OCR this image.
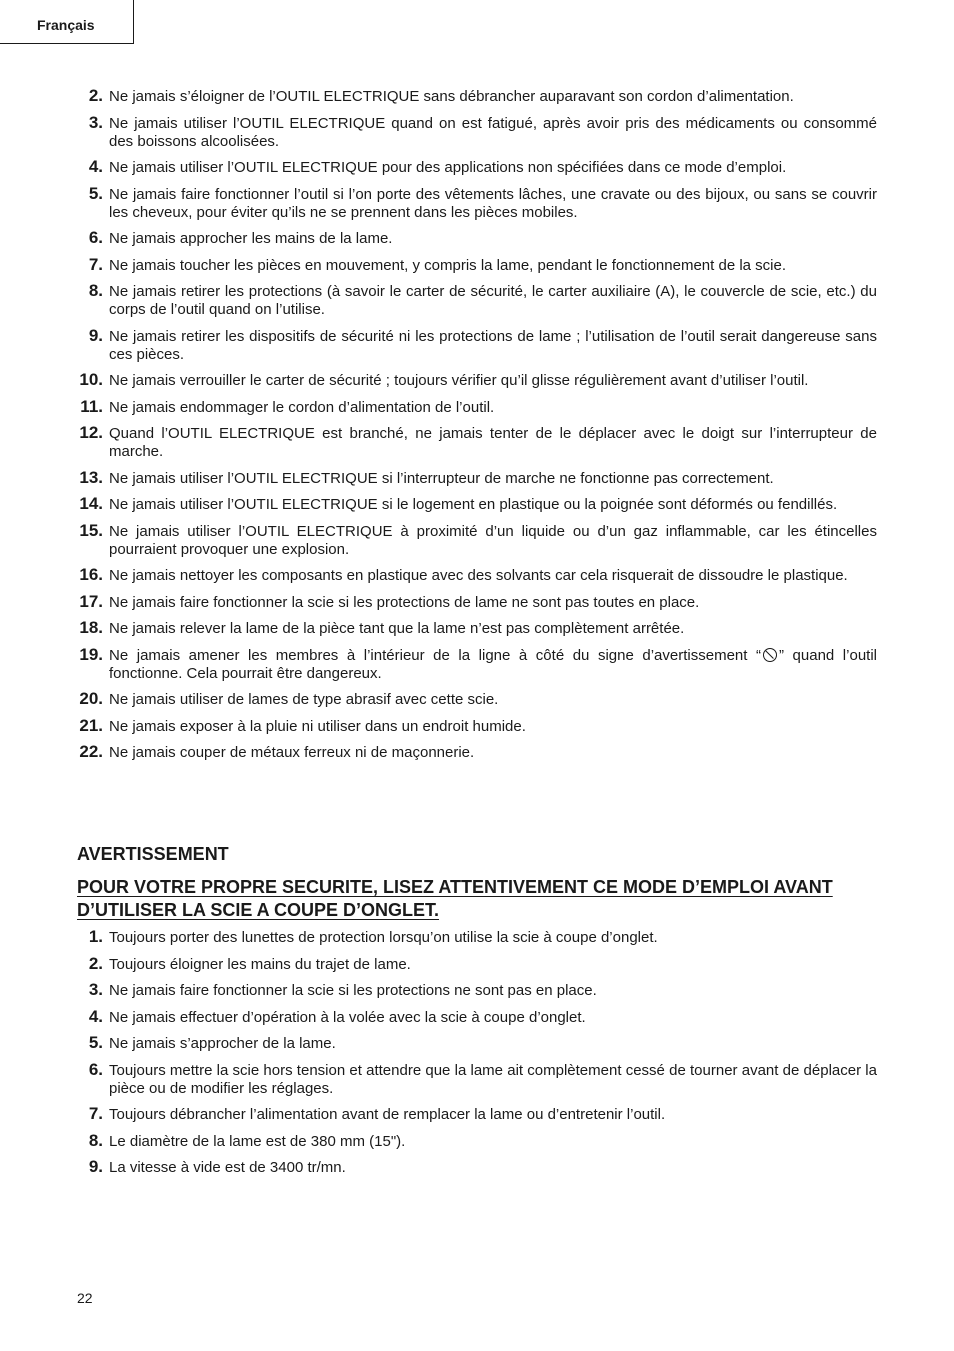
Français
2. Ne jamais s’éloigner de l’OUTIL ELECTRIQUE sans débrancher auparavant son cordon d’alimentation.
3. Ne jamais utiliser l’OUTIL ELECTRIQUE quand on est fatigué, après avoir pris des médicaments ou consommé des boissons alcoolisées.
4. Ne jamais utiliser l’OUTIL ELECTRIQUE pour des applications non spécifiées dans ce mode d’emploi.
5. Ne jamais faire fonctionner l’outil si l’on porte des vêtements lâches, une cravate ou des bijoux, ou sans se couvrir les cheveux, pour éviter qu’ils ne se prennent dans les pièces mobiles.
6. Ne jamais approcher les mains de la lame.
7. Ne jamais toucher les pièces en mouvement, y compris la lame, pendant le fonctionnement de la scie.
8. Ne jamais retirer les protections (à savoir le carter de sécurité, le carter auxiliaire (A), le couvercle de scie, etc.) du corps de l’outil quand on l’utilise.
9. Ne jamais retirer les dispositifs de sécurité ni les protections de lame ; l’utilisation de l’outil serait dangereuse sans ces pièces.
10. Ne jamais verrouiller le carter de sécurité ; toujours vérifier qu’il glisse régulièrement avant d’utiliser l’outil.
11. Ne jamais endommager le cordon d’alimentation de l’outil.
12. Quand l’OUTIL ELECTRIQUE est branché, ne jamais tenter de le déplacer avec le doigt sur l’interrupteur de marche.
13. Ne jamais utiliser l’OUTIL ELECTRIQUE si l’interrupteur de marche ne fonctionne pas correctement.
14. Ne jamais utiliser l’OUTIL ELECTRIQUE si le logement en plastique ou la poignée sont déformés ou fendillés.
15. Ne jamais utiliser l’OUTIL ELECTRIQUE à proximité d’un liquide ou d’un gaz inflammable, car les étincelles pourraient provoquer une explosion.
16. Ne jamais nettoyer les composants en plastique avec des solvants car cela risquerait de dissoudre le plastique.
17. Ne jamais faire fonctionner la scie si les protections de lame ne sont pas toutes en place.
18. Ne jamais relever la lame de la pièce tant que la lame n’est pas complètement arrêtée.
19. Ne jamais amener les membres à l’intérieur de la ligne à côté du signe d’avertissement “ ” quand l’outil fonctionne. Cela pourrait être dangereux.
20. Ne jamais utiliser de lames de type abrasif avec cette scie.
21. Ne jamais exposer à la pluie ni utiliser dans un endroit humide.
22. Ne jamais couper de métaux ferreux ni de maçonnerie.
AVERTISSEMENT
POUR VOTRE PROPRE SECURITE, LISEZ ATTENTIVEMENT CE MODE D’EMPLOI AVANT D’UTILISER LA SCIE A COUPE D’ONGLET.
1. Toujours porter des lunettes de protection lorsqu’on utilise la scie à coupe d’onglet.
2. Toujours éloigner les mains du trajet de lame.
3. Ne jamais faire fonctionner la scie si les protections ne sont pas en place.
4. Ne jamais effectuer d’opération à la volée avec la scie à coupe d’onglet.
5. Ne jamais s’approcher de la lame.
6. Toujours mettre la scie hors tension et attendre que la lame ait complètement cessé de tourner avant de déplacer la pièce ou de modifier les réglages.
7. Toujours débrancher l’alimentation avant de remplacer la lame ou d’entretenir l’outil.
8. Le diamètre de la lame est de 380 mm (15").
9. La vitesse à vide est de 3400 tr/mn.
22
